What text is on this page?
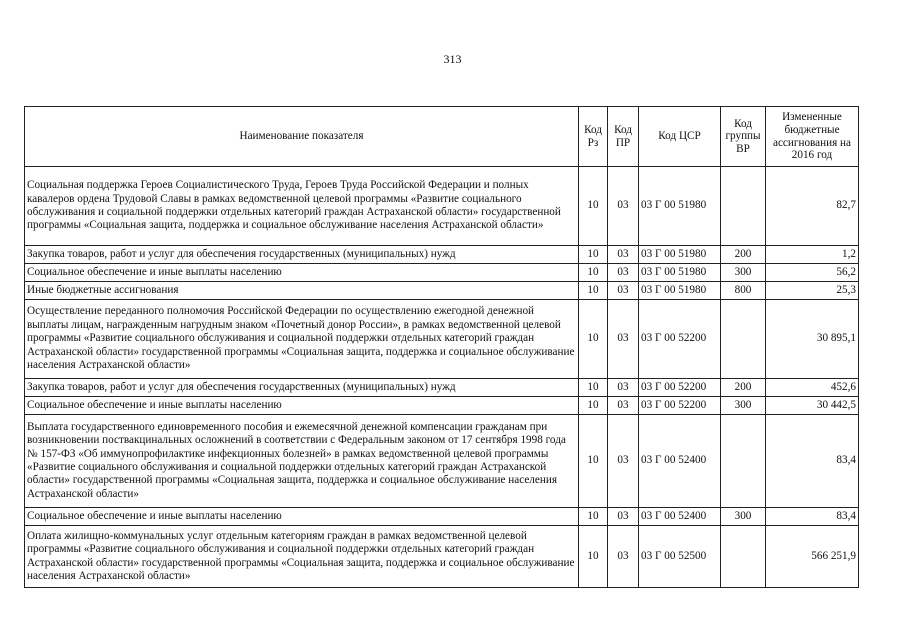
313
Наименование показателя	Код Рз	Код ПР	Код ЦСР	Код группы ВР	Измененные бюджетные ассигнования на 2016 год
Социальная поддержка Героев Социалистического Труда, Героев Труда Российской Федерации и полных кавалеров ордена Трудовой Славы в рамках ведомственной целевой программы «Развитие социального обслуживания и социальной поддержки отдельных категорий граждан Астраханской области» государственной программы «Социальная защита, поддержка и социальное обслуживание населения Астраханской области»	10	03	03 Г 00 51980		82,7
Закупка товаров, работ и услуг для обеспечения государственных (муниципальных) нужд	10	03	03 Г 00 51980	200	1,2
Социальное обеспечение и иные выплаты населению	10	03	03 Г 00 51980	300	56,2
Иные бюджетные ассигнования	10	03	03 Г 00 51980	800	25,3
Осуществление переданного полномочия Российской Федерации по осуществлению ежегодной денежной выплаты лицам, награжденным нагрудным знаком «Почетный донор России», в рамках ведомственной целевой программы «Развитие социального обслуживания и социальной поддержки отдельных категорий граждан Астраханской области» государственной программы «Социальная защита, поддержка и социальное обслуживание населения Астраханской области»	10	03	03 Г 00 52200		30 895,1
Закупка товаров, работ и услуг для обеспечения государственных (муниципальных) нужд	10	03	03 Г 00 52200	200	452,6
Социальное обеспечение и иные выплаты населению	10	03	03 Г 00 52200	300	30 442,5
Выплата государственного единовременного пособия и ежемесячной денежной компенсации гражданам при возникновении поствакцинальных осложнений в соответствии с Федеральным законом от 17 сентября 1998 года № 157-ФЗ «Об иммунопрофилактике инфекционных болезней» в рамках ведомственной целевой программы «Развитие социального обслуживания и социальной поддержки отдельных категорий граждан Астраханской области» государственной программы «Социальная защита, поддержка и социальное обслуживание населения Астраханской области»	10	03	03 Г 00 52400		83,4
Социальное обеспечение и иные выплаты населению	10	03	03 Г 00 52400	300	83,4
Оплата жилищно-коммунальных услуг отдельным категориям граждан в рамках ведомственной целевой программы «Развитие социального обслуживания и социальной поддержки отдельных категорий граждан Астраханской области» государственной программы «Социальная защита, поддержка и социальное обслуживание населения Астраханской области»	10	03	03 Г 00 52500		566 251,9
